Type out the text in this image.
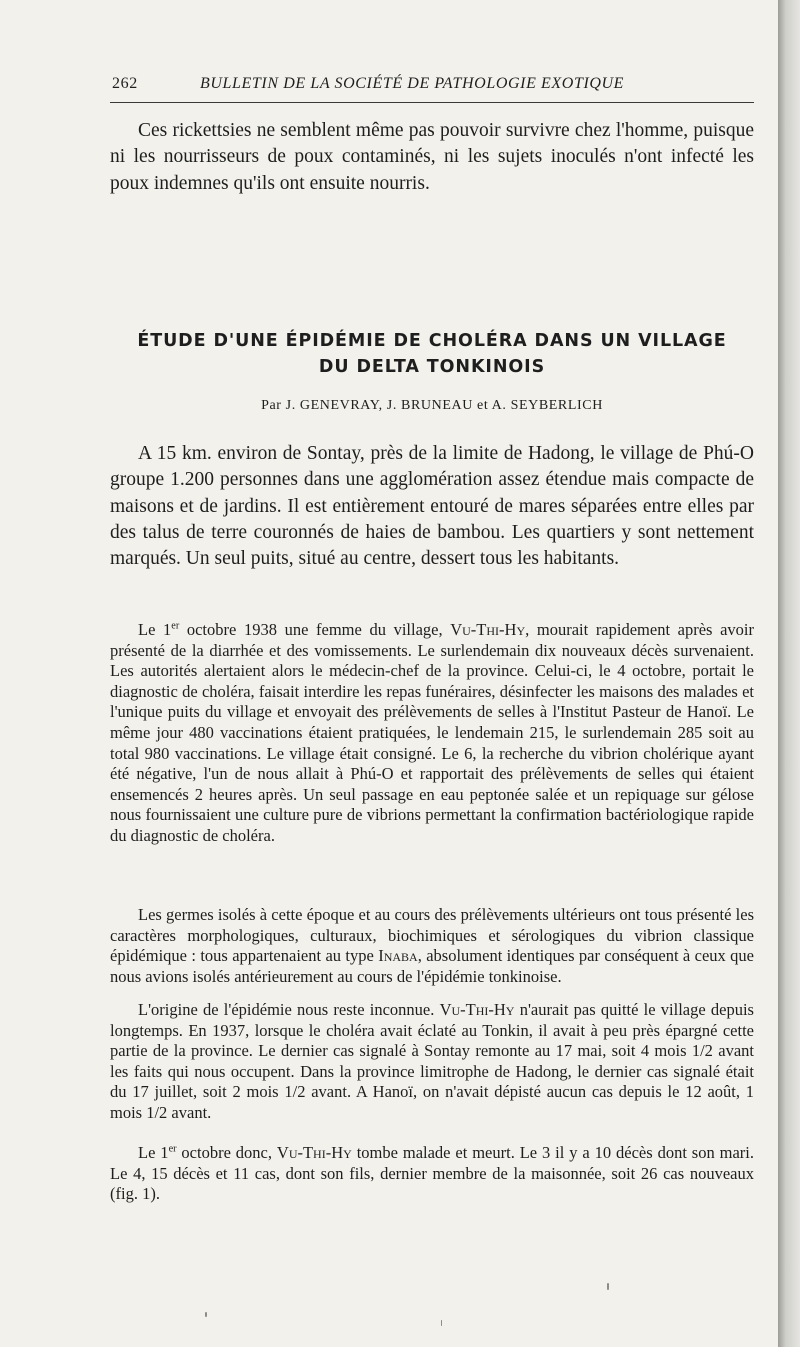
262	BULLETIN DE LA SOCIÉTÉ DE PATHOLOGIE EXOTIQUE

Ces rickettsies ne semblent même pas pouvoir survivre chez l'homme, puisque ni les nourrisseurs de poux contaminés, ni les sujets inoculés n'ont infecté les poux indemnes qu'ils ont ensuite nourris.

ÉTUDE D'UNE ÉPIDÉMIE DE CHOLÉRA DANS UN VILLAGE

DU DELTA TONKINOIS

Par J. GENEVRAY, J. BRUNEAU et A. SEYBERLICH

A 15 km. environ de Sontay, près de la limite de Hadong, le village de Phú-O groupe 1.200 personnes dans une agglomération assez étendue mais compacte de maisons et de jardins. Il est entièrement entouré de mares séparées entre elles par des talus de terre couronnés de haies de bambou. Les quartiers y sont nettement marqués. Un seul puits, situé au centre, dessert tous les habitants.

Le 1er octobre 1938 une femme du village, Vu-Thi-Hy, mourait rapidement après avoir présenté de la diarrhée et des vomissements. Le surlendemain dix nouveaux décès survenaient. Les autorités alertaient alors le médecin-chef de la province. Celui-ci, le 4 octobre, portait le diagnostic de choléra, faisait interdire les repas funéraires, désinfecter les maisons des malades et l'unique puits du village et envoyait des prélèvements de selles à l'Institut Pasteur de Hanoï. Le même jour 480 vaccinations étaient pratiquées, le lendemain 215, le surlendemain 285 soit au total 980 vaccinations. Le village était consigné. Le 6, la recherche du vibrion cholérique ayant été négative, l'un de nous allait à Phú-O et rapportait des prélèvements de selles qui étaient ensemencés 2 heures après. Un seul passage en eau peptonée salée et un repiquage sur gélose nous fournissaient une culture pure de vibrions permettant la confirmation bactériologique rapide du diagnostic de choléra.

Les germes isolés à cette époque et au cours des prélèvements ultérieurs ont tous présenté les caractères morphologiques, culturaux, biochimiques et sérologiques du vibrion classique épidémique : tous appartenaient au type Inaba, absolument identiques par conséquent à ceux que nous avions isolés antérieurement au cours de l'épidémie tonkinoise.

L'origine de l'épidémie nous reste inconnue. Vu-Thi-Hy n'aurait pas quitté le village depuis longtemps. En 1937, lorsque le choléra avait éclaté au Tonkin, il avait à peu près épargné cette partie de la province. Le dernier cas signalé à Sontay remonte au 17 mai, soit 4 mois 1/2 avant les faits qui nous occupent. Dans la province limitrophe de Hadong, le dernier cas signalé était du 17 juillet, soit 2 mois 1/2 avant. A Hanoï, on n'avait dépisté aucun cas depuis le 12 août, 1 mois 1/2 avant.

Le 1er octobre donc, Vu-Thi-Hy tombe malade et meurt. Le 3 il y a 10 décès dont son mari. Le 4, 15 décès et 11 cas, dont son fils, dernier membre de la maisonnée, soit 26 cas nouveaux (fig. 1).
